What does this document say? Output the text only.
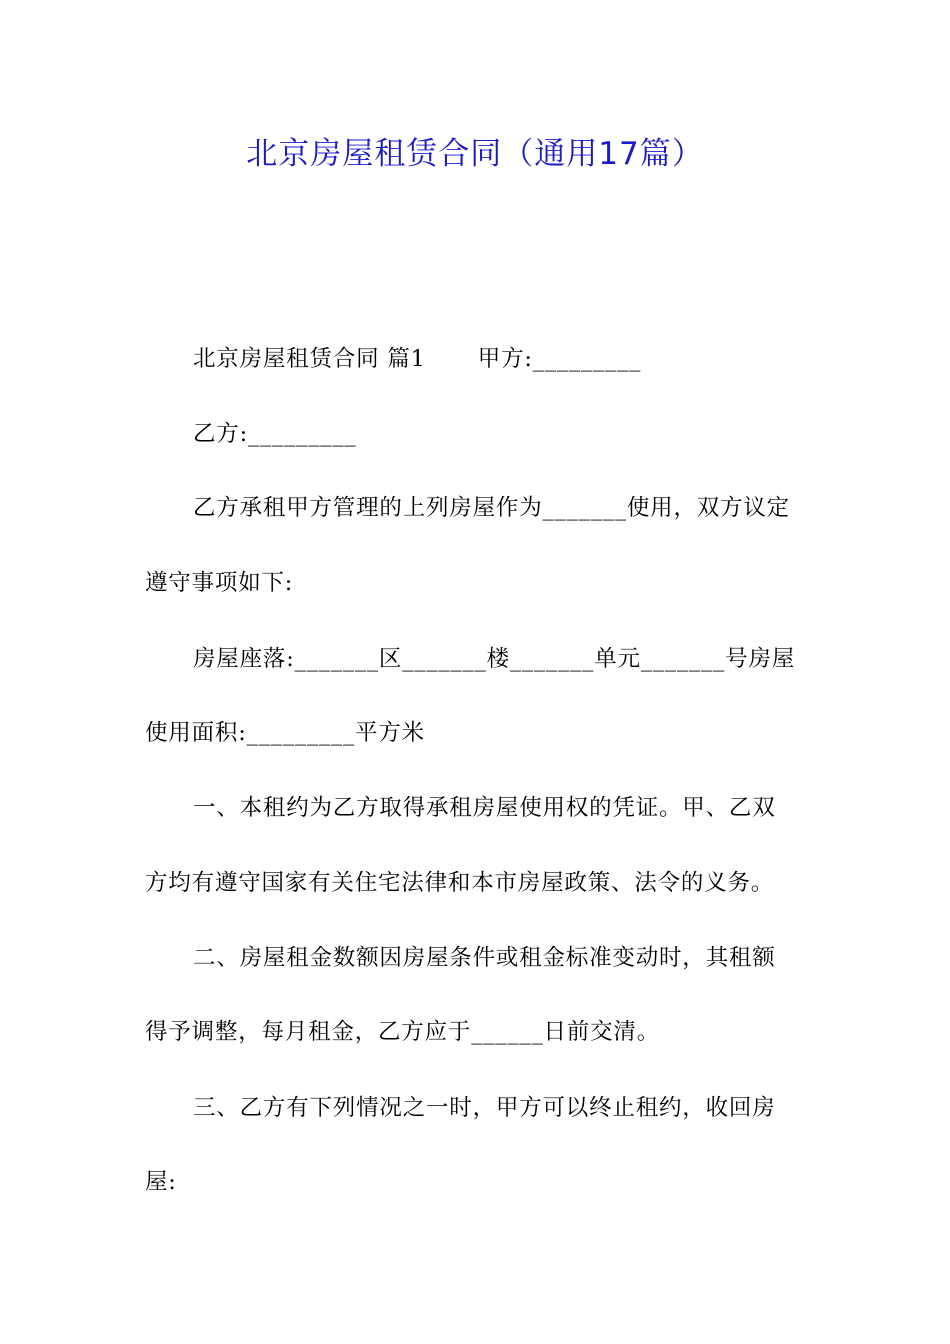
北京房屋租赁合同（通用17篇）
北京房屋租赁合同 篇1 甲方:_________
乙方:_________
乙方承租甲方管理的上列房屋作为_______使用，双方议定
遵守事项如下:
房屋座落:_______区_______楼_______单元_______号房屋
使用面积:_________平方米
一、本租约为乙方取得承租房屋使用权的凭证。甲、乙双
方均有遵守国家有关住宅法律和本市房屋政策、法令的义务。
二、房屋租金数额因房屋条件或租金标准变动时，其租额
得予调整，每月租金，乙方应于______日前交清。
三、乙方有下列情况之一时，甲方可以终止租约，收回房
屋:
